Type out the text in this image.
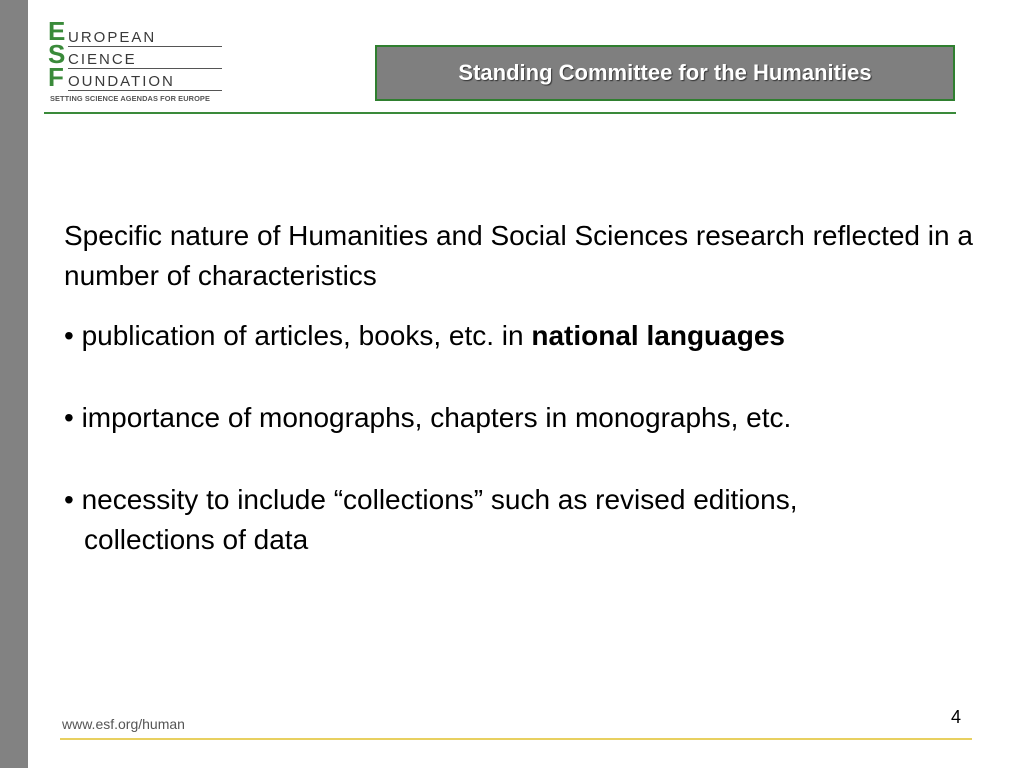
E UROPEAN
S CIENCE
F OUNDATION
SETTING SCIENCE AGENDAS FOR EUROPE
Standing Committee for the Humanities

Specific nature of Humanities and Social Sciences research reflected in a number of characteristics

• publication of articles, books, etc. in national languages

• importance of monographs, chapters in monographs, etc.

• necessity to include “collections” such as revised editions,
collections of data

www.esf.org/human	4
